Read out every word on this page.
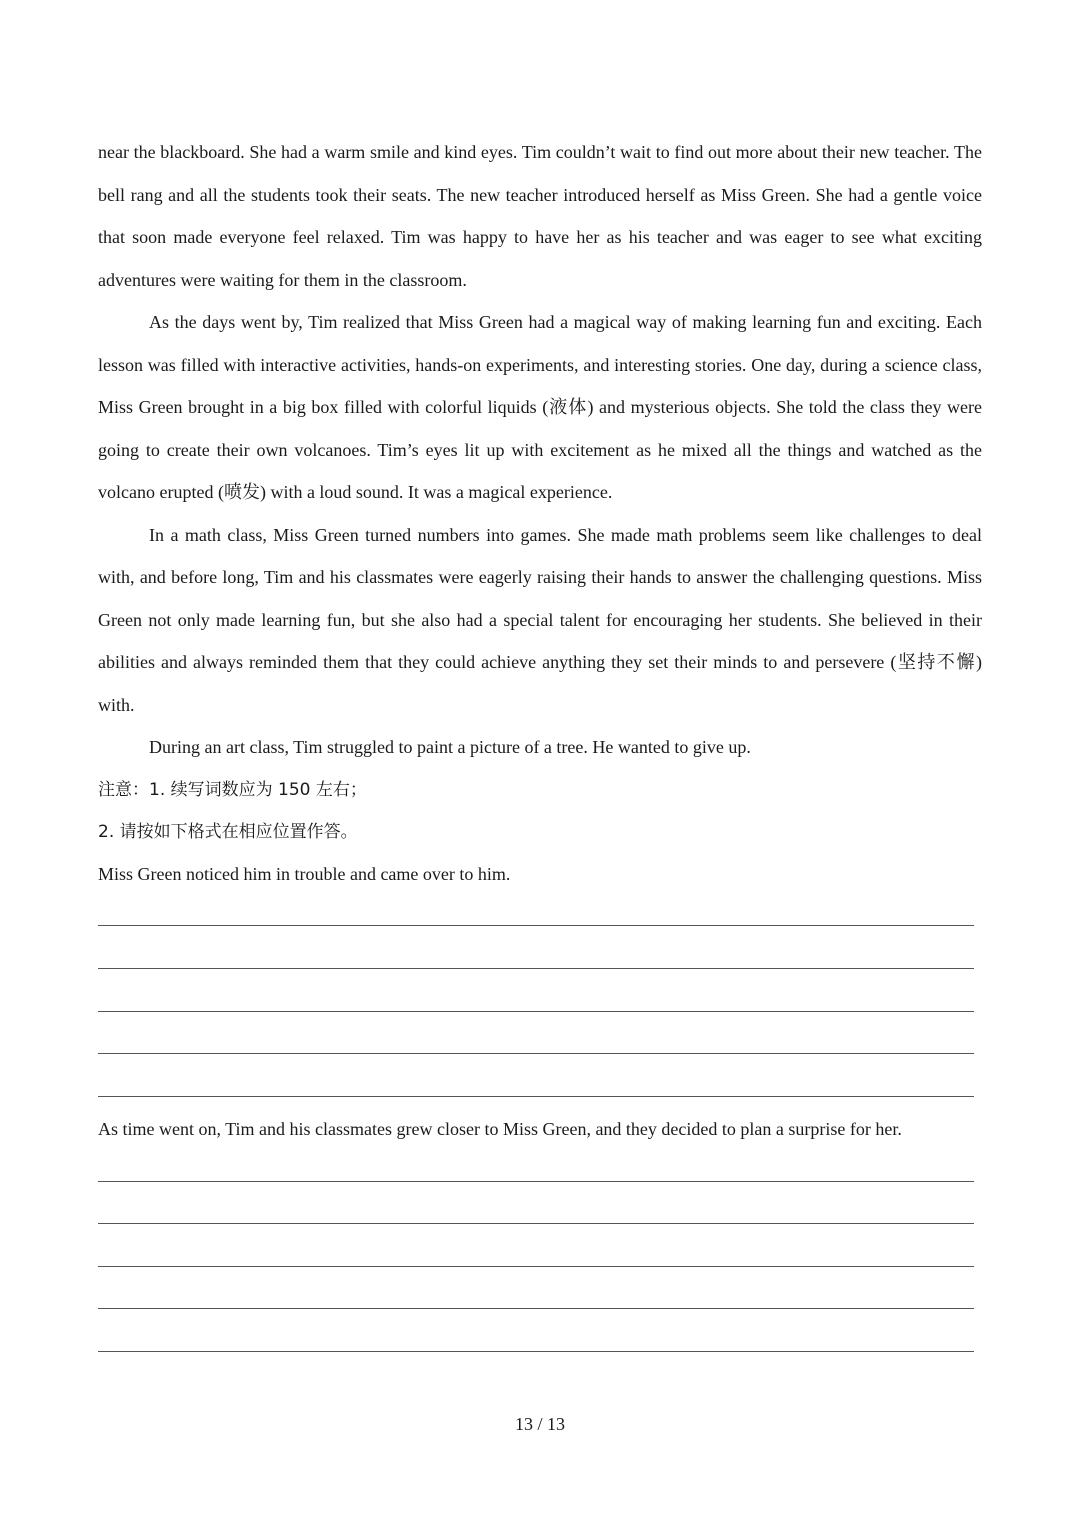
near the blackboard. She had a warm smile and kind eyes. Tim couldn’t wait to find out more about their new teacher. The bell rang and all the students took their seats. The new teacher introduced herself as Miss Green. She had a gentle voice that soon made everyone feel relaxed. Tim was happy to have her as his teacher and was eager to see what exciting adventures were waiting for them in the classroom.

As the days went by, Tim realized that Miss Green had a magical way of making learning fun and exciting. Each lesson was filled with interactive activities, hands-on experiments, and interesting stories. One day, during a science class, Miss Green brought in a big box filled with colorful liquids (液体) and mysterious objects. She told the class they were going to create their own volcanoes. Tim’s eyes lit up with excitement as he mixed all the things and watched as the volcano erupted (喷发) with a loud sound. It was a magical experience.

In a math class, Miss Green turned numbers into games. She made math problems seem like challenges to deal with, and before long, Tim and his classmates were eagerly raising their hands to answer the challenging questions. Miss Green not only made learning fun, but she also had a special talent for encouraging her students. She believed in their abilities and always reminded them that they could achieve anything they set their minds to and persevere (坚持不懈) with.

During an art class, Tim struggled to paint a picture of a tree. He wanted to give up.

注意：1. 续写词数应为 150 左右；

2. 请按如下格式在相应位置作答。

Miss Green noticed him in trouble and came over to him.
As time went on, Tim and his classmates grew closer to Miss Green, and they decided to plan a surprise for her.
13 / 13
